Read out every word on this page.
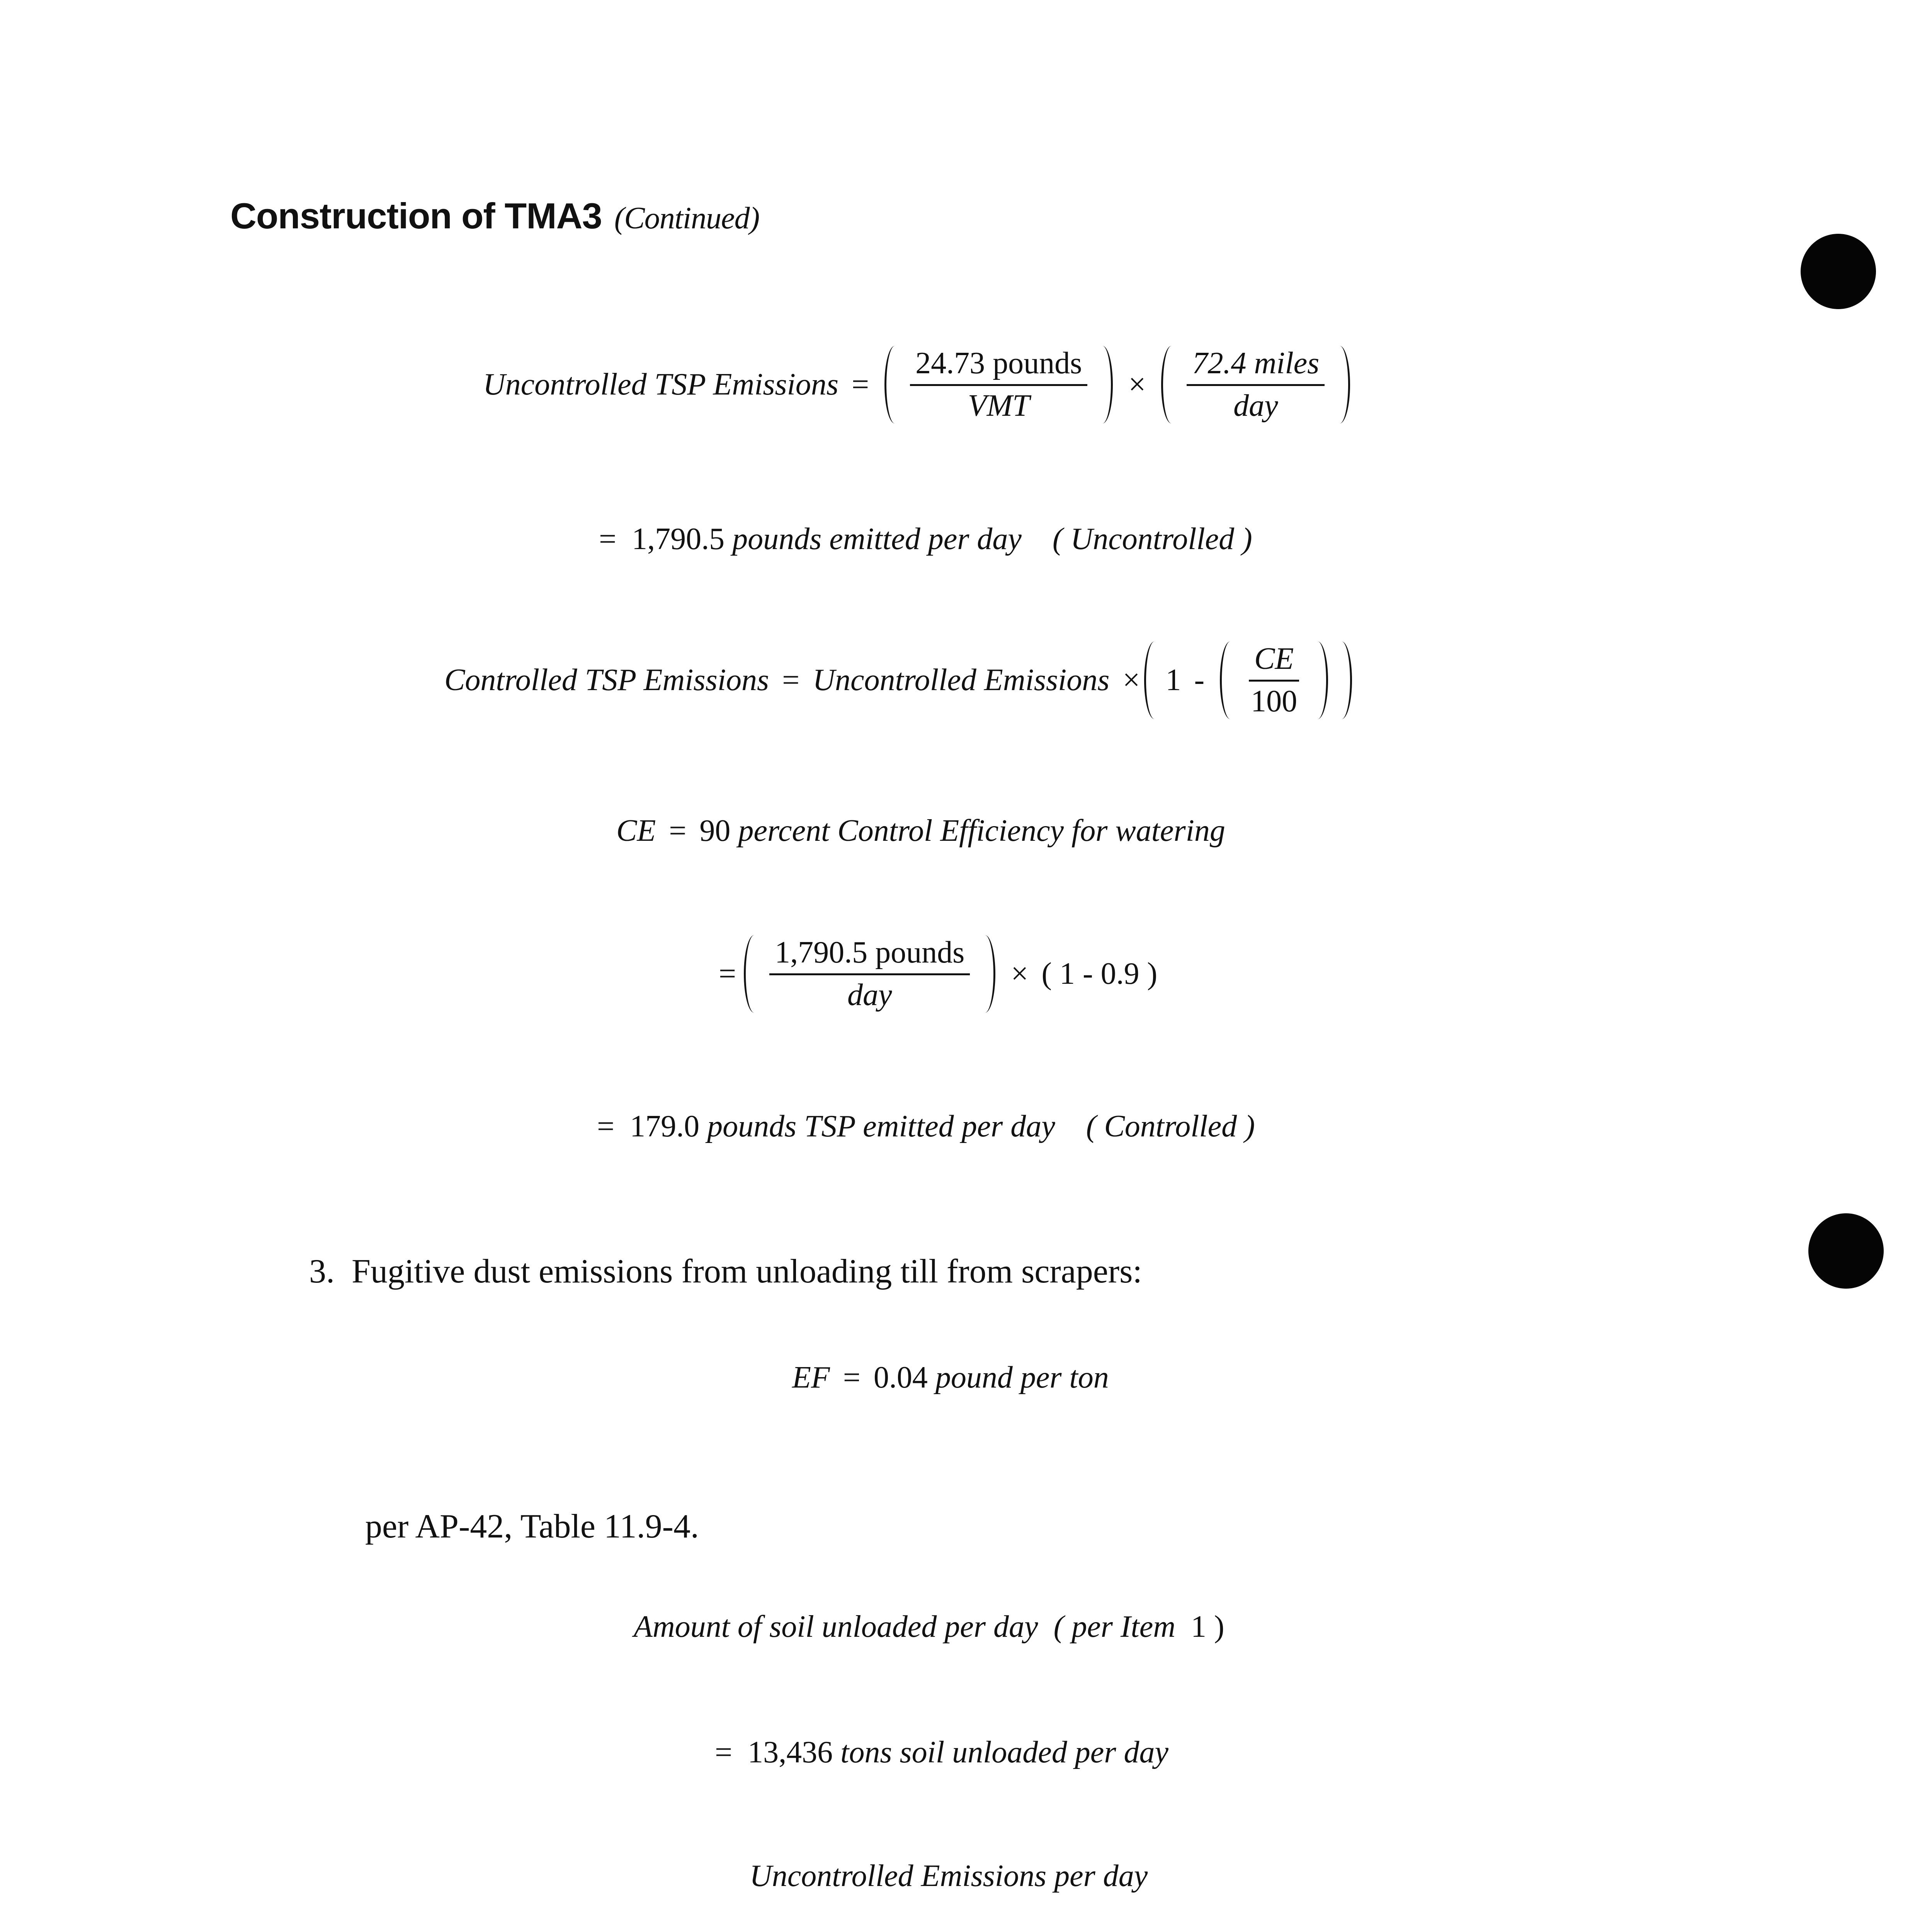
Construction of TMA3 (Continued)
Uncontrolled TSP Emissions = $\frac{\text{24.73 pounds}}{\text{VMT}} \times \frac{\text{72.4 miles}}{\text{day}}$
=
1,790.5
pounds emitted per day
( Uncontrolled )
Controlled TSP Emissions = Uncontrolled Emissions × $1 - \frac{CE}{100}$
CE = 90
percent Control Efficiency for watering
= $\frac{\text{1,790.5 pounds}}{\text{day}}$ × ( 1 - 0.9 )
=
179.0
pounds TSP emitted per day
( Controlled )
3. Fugitive dust emissions from unloading till from scrapers:
EF = 0.04
pound per ton
per AP-42, Table 11.9-4.
Amount of soil unloaded per day
( per Item
1 )
=
13,436
tons soil unloaded per day
Uncontrolled Emissions per day
